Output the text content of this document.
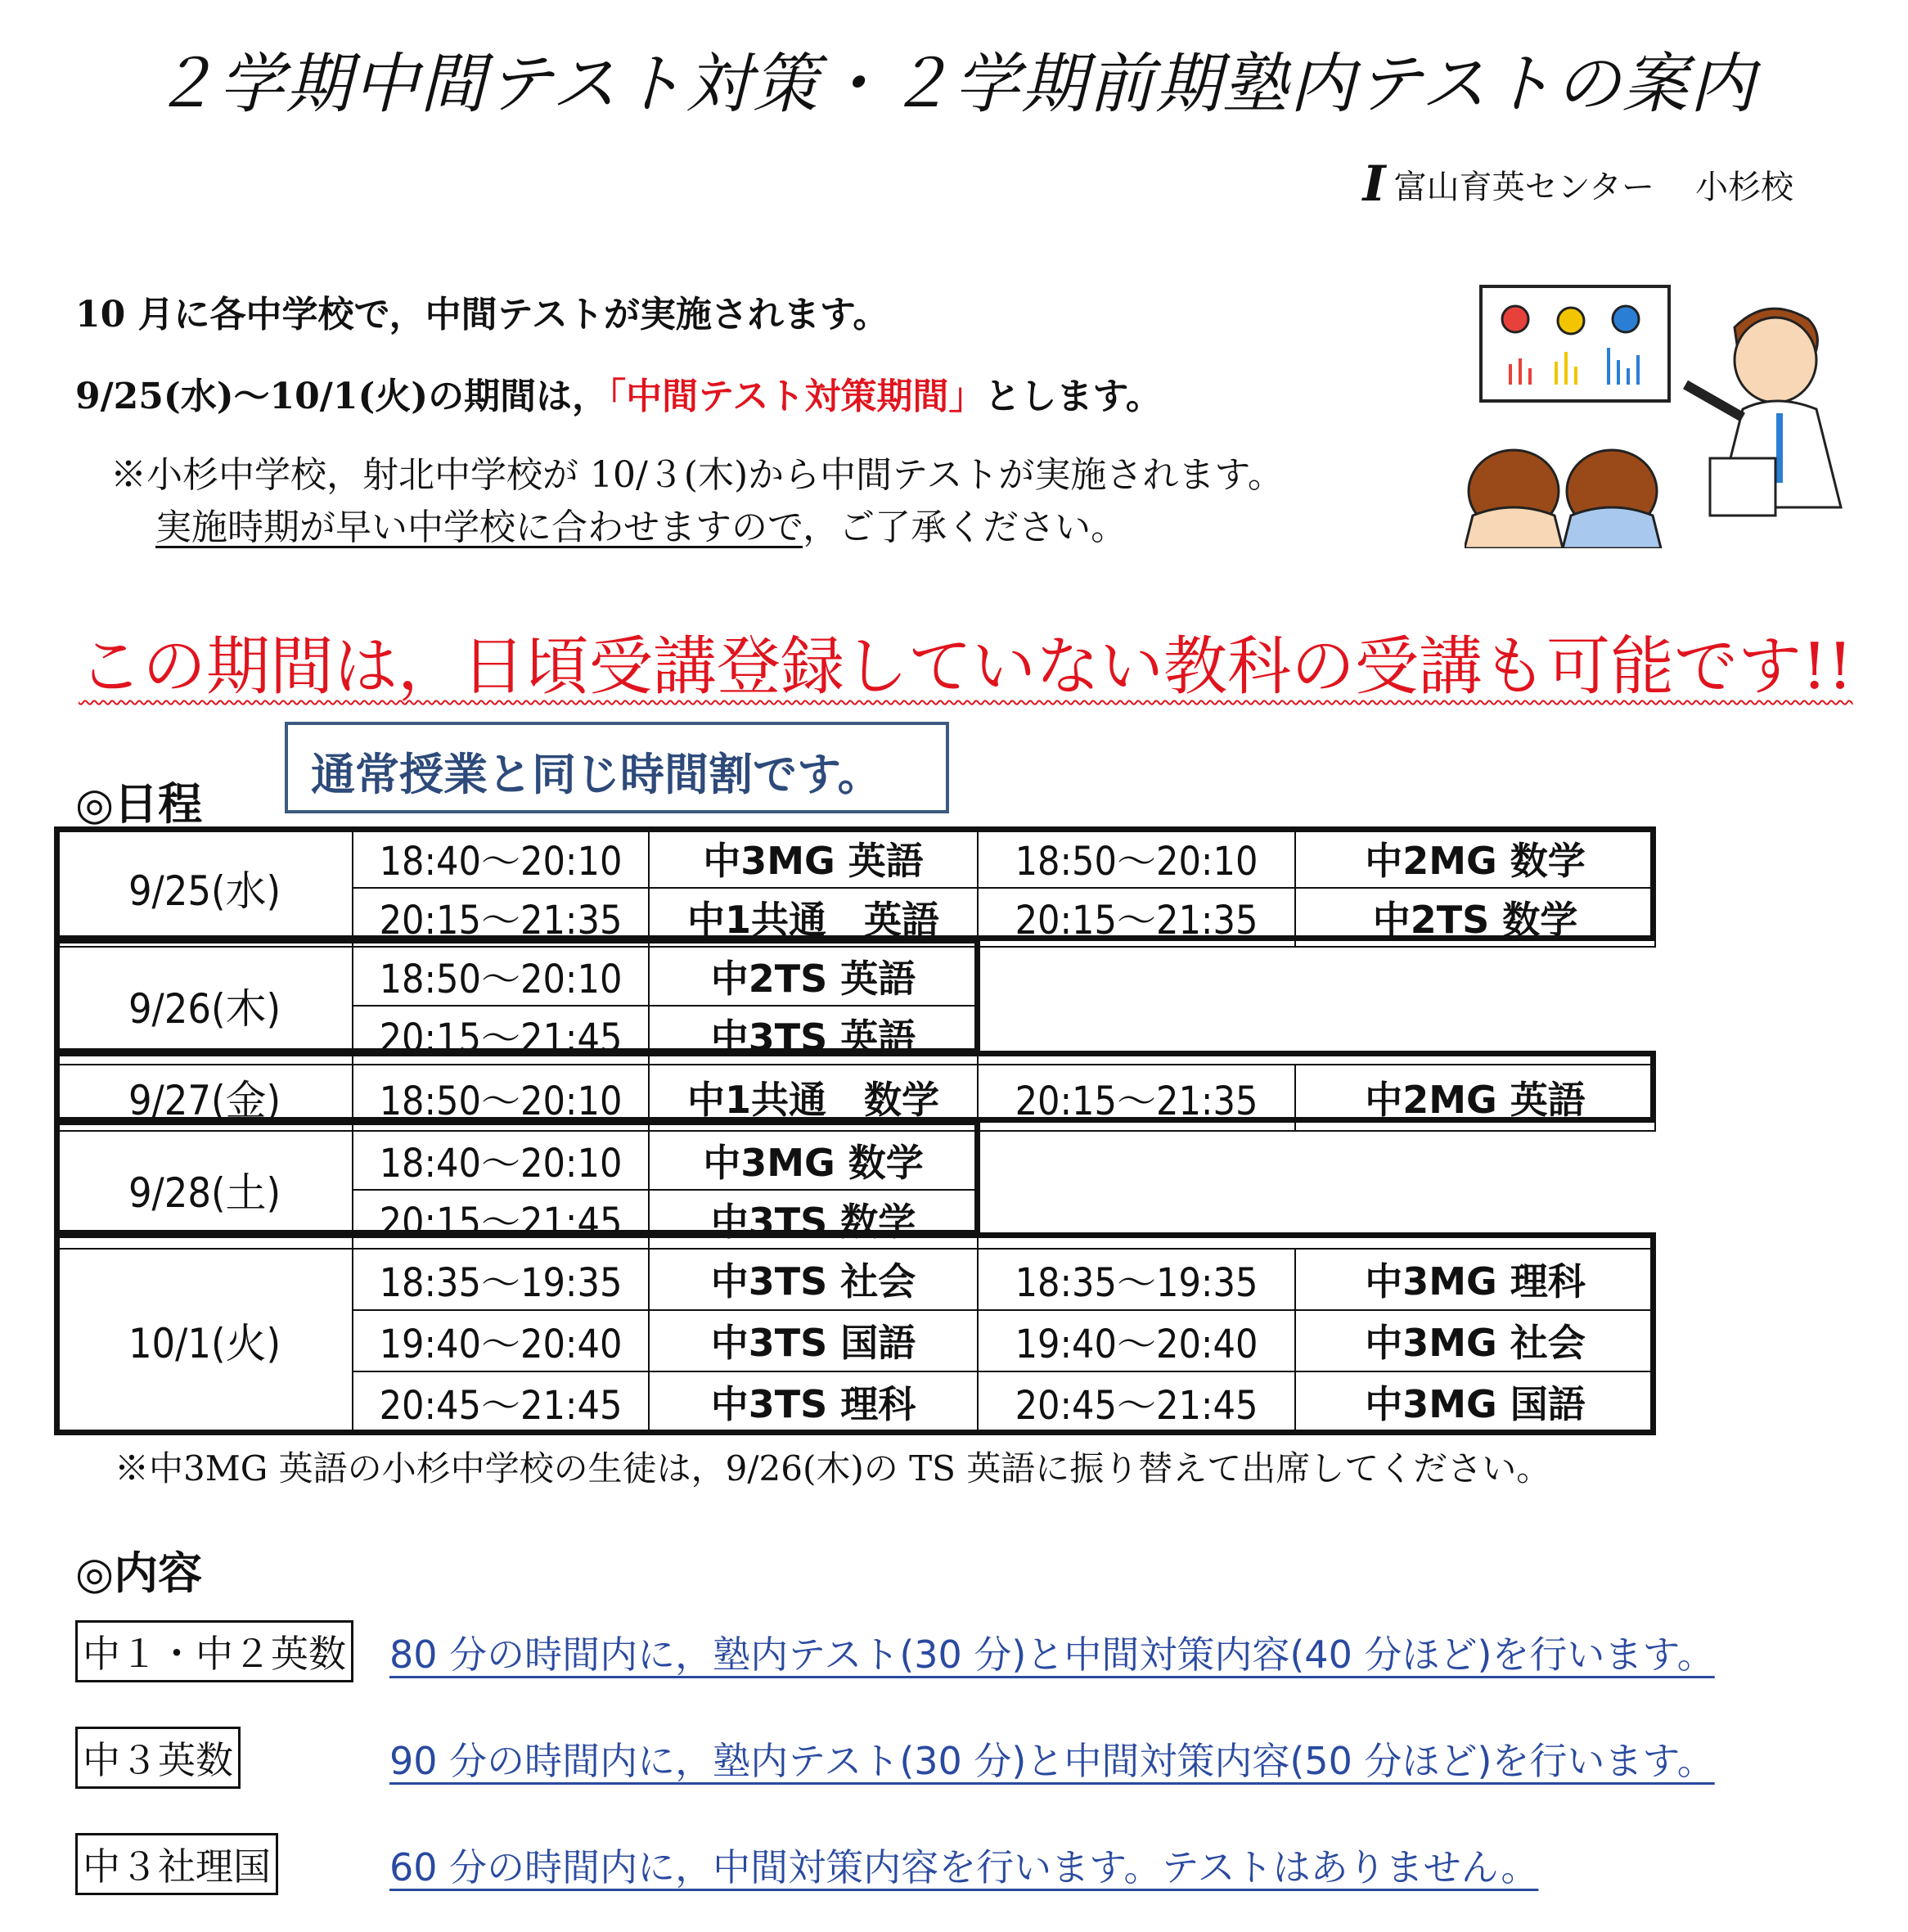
２学期中間テスト対策・２学期前期塾内テストの案内
I 富山育英センター 小杉校
10 月に各中学校で，中間テストが実施されます。
9/25(水)～10/1(火)の期間は，「中間テスト対策期間」とします。
※小杉中学校，射北中学校が 10/３(木)から中間テストが実施されます。
実施時期が早い中学校に合わせますので，ご了承ください。
この期間は，日頃受講登録していない教科の受講も可能です!!
◎日程
通常授業と同じ時間割です。
9/25(水)	18:40～20:10	中3MG 英語	18:50～20:10	中2MG 数学
	20:15～21:35	中1共通　英語	20:15～21:35	中2TS 数学
9/26(木)	18:50～20:10	中2TS 英語		
	20:15～21:45	中3TS 英語		
9/27(金)	18:50～20:10	中1共通　数学	20:15～21:35	中2MG 英語
9/28(土)	18:40～20:10	中3MG 数学		
	20:15～21:45	中3TS 数学		
10/1(火)	18:35～19:35	中3TS 社会	18:35～19:35	中3MG 理科
	19:40～20:40	中3TS 国語	19:40～20:40	中3MG 社会
	20:45～21:45	中3TS 理科	20:45～21:45	中3MG 国語
※中3MG 英語の小杉中学校の生徒は，9/26(木)の TS 英語に振り替えて出席してください。
◎内容
中１・中２英数 80 分の時間内に，塾内テスト(30 分)と中間対策内容(40 分ほど)を行います。
中３英数	90 分の時間内に，塾内テスト(30 分)と中間対策内容(50 分ほど)を行います。
中３社理国	60 分の時間内に，中間対策内容を行います。テストはありません。
